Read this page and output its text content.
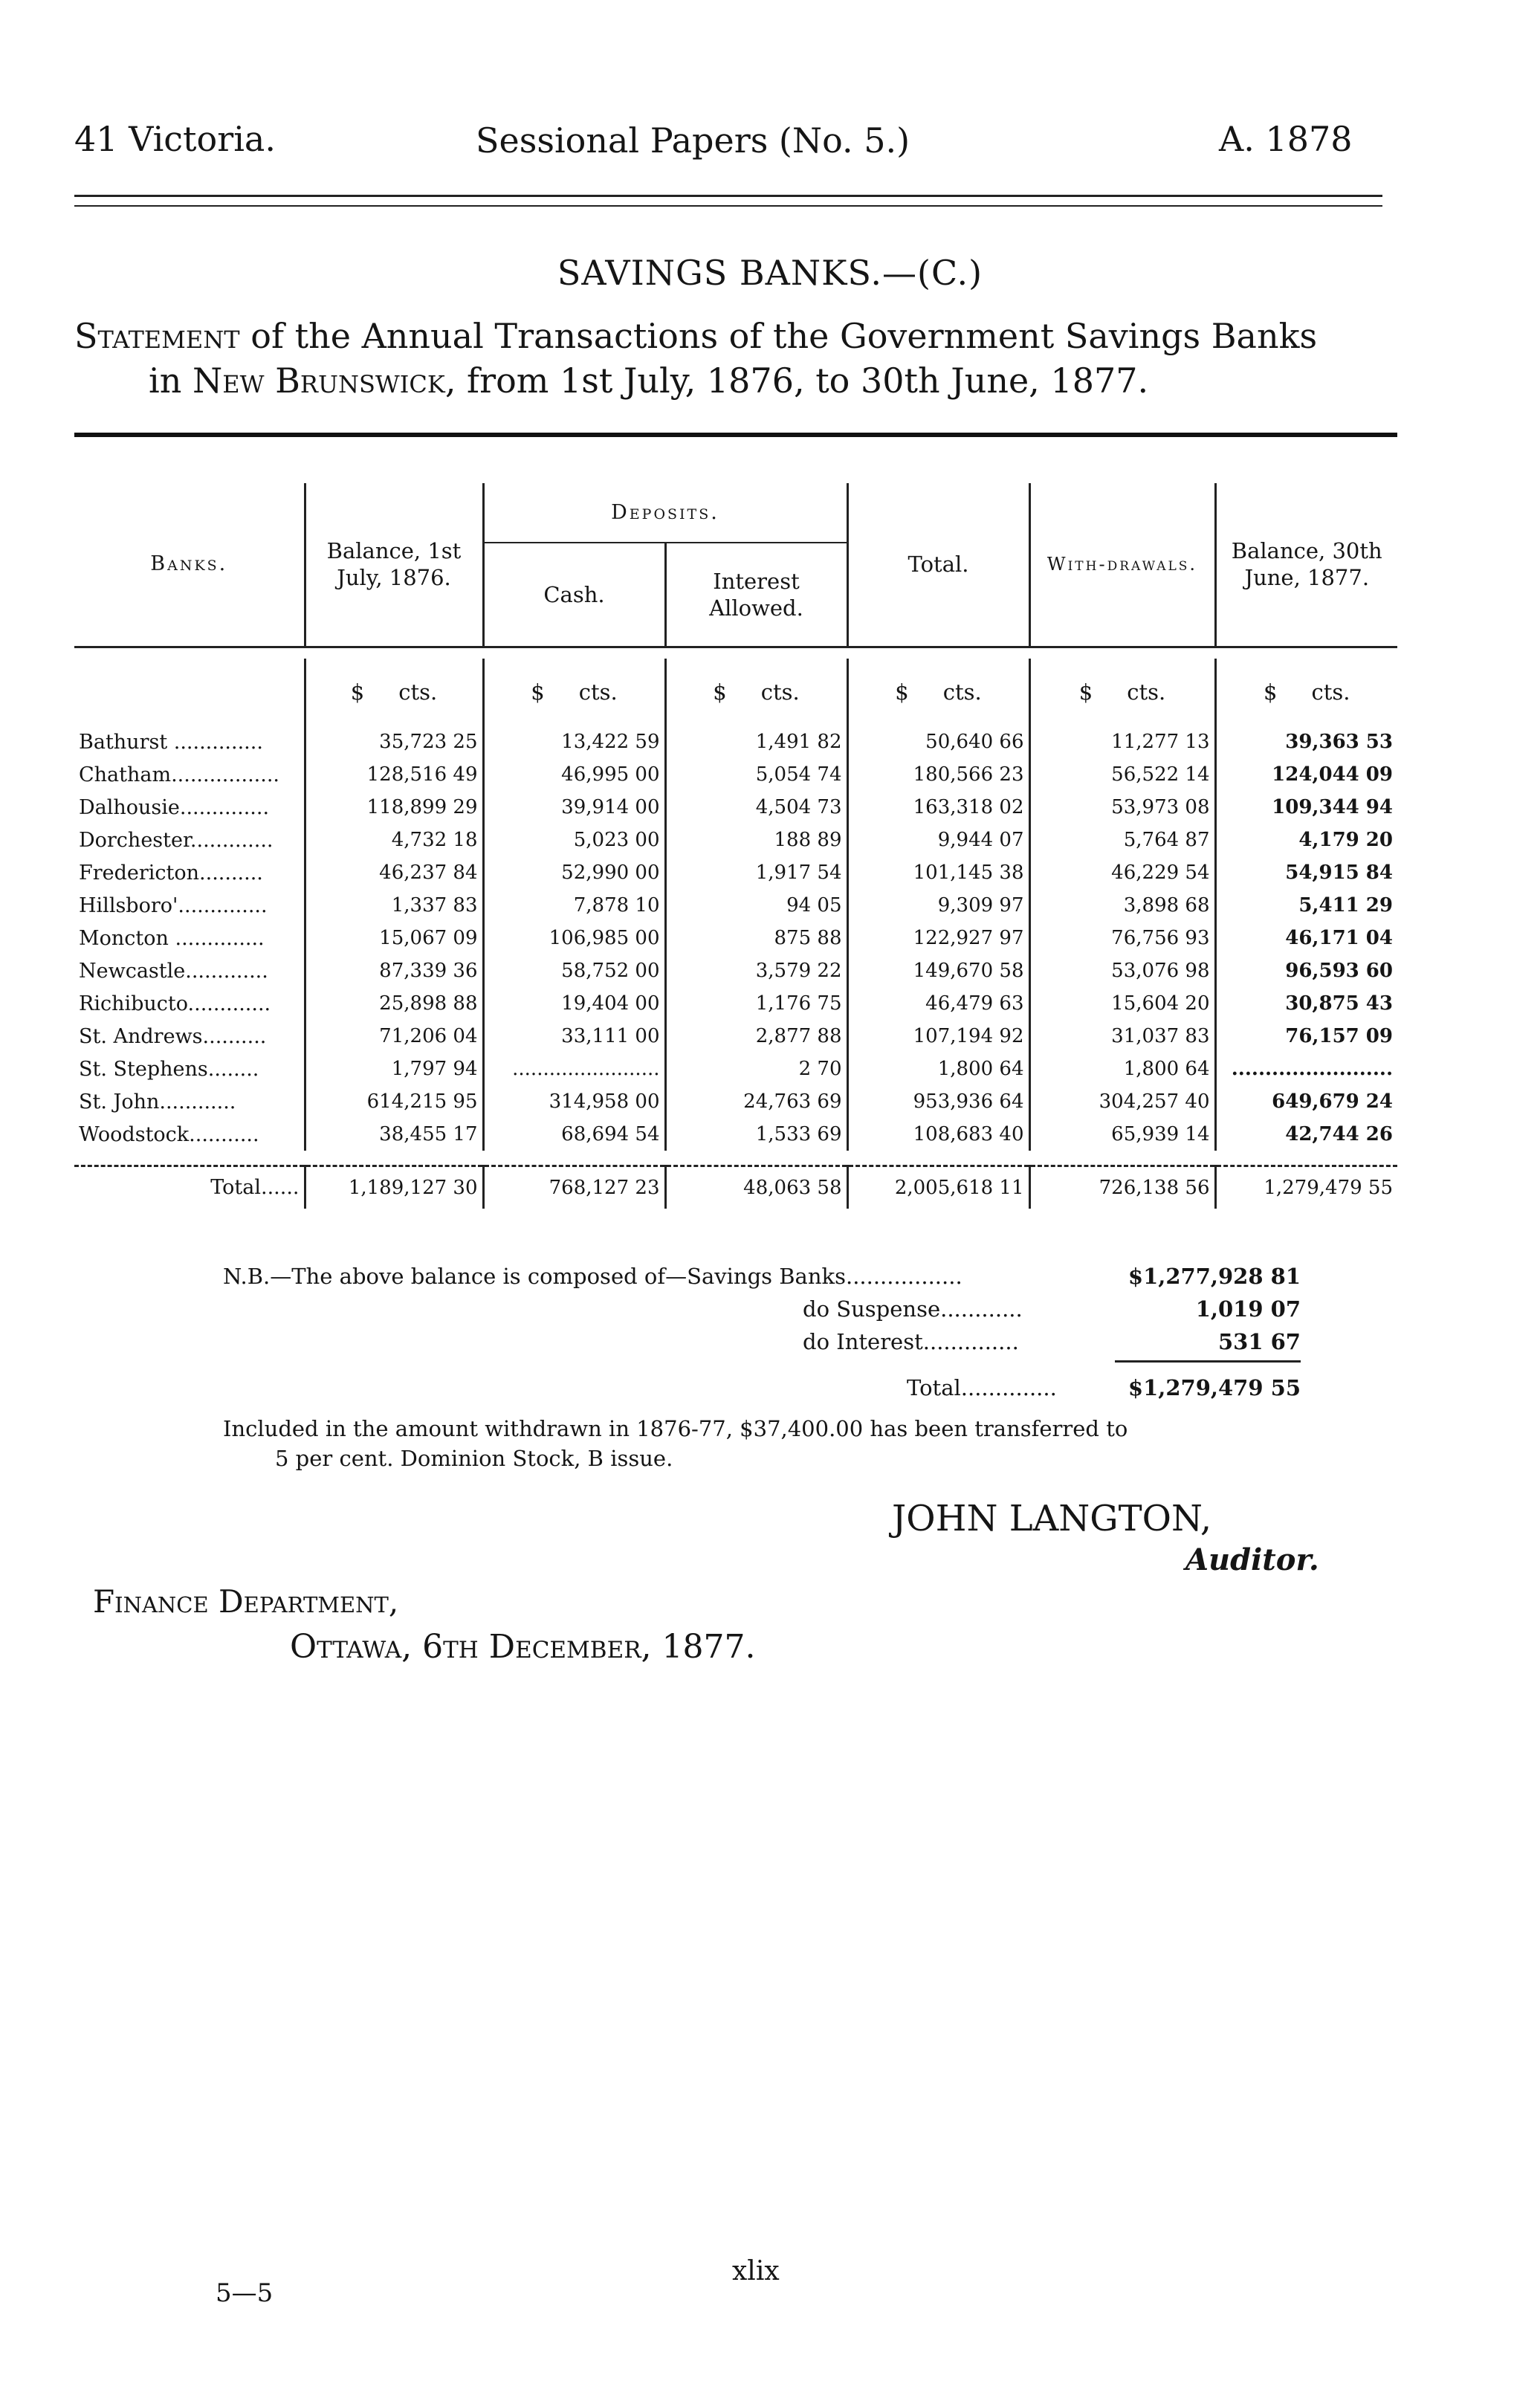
41 Victoria.	Sessional Papers (No. 5.)	A. 1878
SAVINGS BANKS.—(C.)
Statement of the Annual Transactions of the Government Savings Banks
in New Brunswick, from 1st July, 1876, to 30th June, 1877.
Banks.	Balance, 1st July, 1876.	Deposits.		Total.	With-drawals.	Balance, 30th June, 1877.
		Cash.	Interest Allowed.			

	$ cts.	$ cts.	$ cts.	$ cts.	$ cts.	$ cts.
Bathurst ..............	35,723 25	13,422 59	1,491 82	50,640 66	11,277 13	39,363 53
Chatham.................	128,516 49	46,995 00	5,054 74	180,566 23	56,522 14	124,044 09
Dalhousie..............	118,899 29	39,914 00	4,504 73	163,318 02	53,973 08	109,344 94
Dorchester.............	4,732 18	5,023 00	188 89	9,944 07	5,764 87	4,179 20
Fredericton..........	46,237 84	52,990 00	1,917 54	101,145 38	46,229 54	54,915 84
Hillsboro'..............	1,337 83	7,878 10	94 05	9,309 97	3,898 68	5,411 29
Moncton ..............	15,067 09	106,985 00	875 88	122,927 97	76,756 93	46,171 04
Newcastle.............	87,339 36	58,752 00	3,579 22	149,670 58	53,076 98	96,593 60
Richibucto.............	25,898 88	19,404 00	1,176 75	46,479 63	15,604 20	30,875 43
St. Andrews..........	71,206 04	33,111 00	2,877 88	107,194 92	31,037 83	76,157 09
St. Stephens........	1,797 94	........................	2 70	1,800 64	1,800 64	........................
St. John............	614,215 95	314,958 00	24,763 69	953,936 64	304,257 40	649,679 24
Woodstock...........	38,455 17	68,694 54	1,533 69	108,683 40	65,939 14	42,744 26

Total......	1,189,127 30	768,127 23	48,063 58	2,005,618 11	726,138 56	1,279,479 55
N.B.—The above balance is composed of—Savings Banks.................	$1,277,928 81
do Suspense............	1,019 07
do Interest..............	531 67
Total..............	$1,279,479 55
Included in the amount withdrawn in 1876-77, $37,400.00 has been transferred to
5 per cent. Dominion Stock, B issue.
JOHN LANGTON,
Auditor.
Finance Department,
Ottawa, 6th December, 1877.
xlix
5—5
